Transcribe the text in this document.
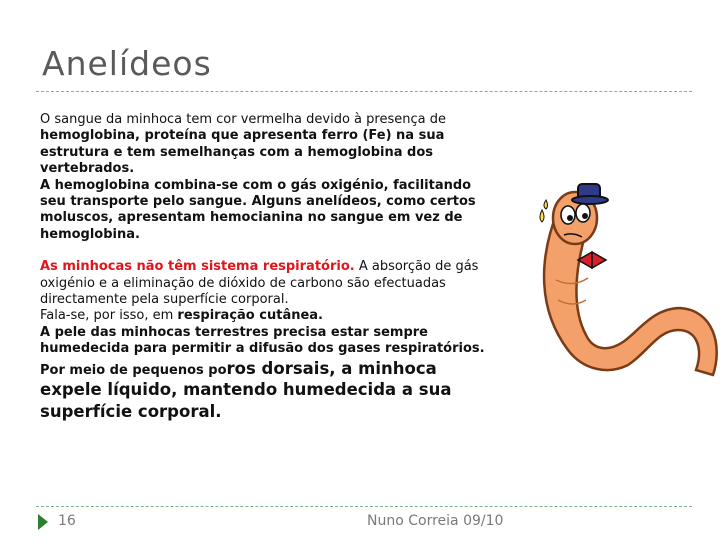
Anelídeos

O sangue da minhoca tem cor vermelha devido à presença de hemoglobina, proteína que apresenta ferro (Fe) na sua estrutura e tem semelhanças com a hemoglobina dos vertebrados.

A hemoglobina combina-se com o gás oxigénio, facilitando seu transporte pelo sangue. Alguns anelídeos, como certos moluscos, apresentam hemocianina no sangue em vez de hemoglobina.

As minhocas não têm sistema respiratório. A absorção de gás oxigénio e a eliminação de dióxido de carbono são efectuadas directamente pela superfície corporal.

Fala-se, por isso, em respiração cutânea.

A pele das minhocas terrestres precisa estar sempre humedecida para permitir a difusão dos gases respiratórios.

Por meio de pequenos poros dorsais, a minhoca expele líquido, mantendo humedecida a sua superfície corporal.

16	Nuno Correia 09/10
